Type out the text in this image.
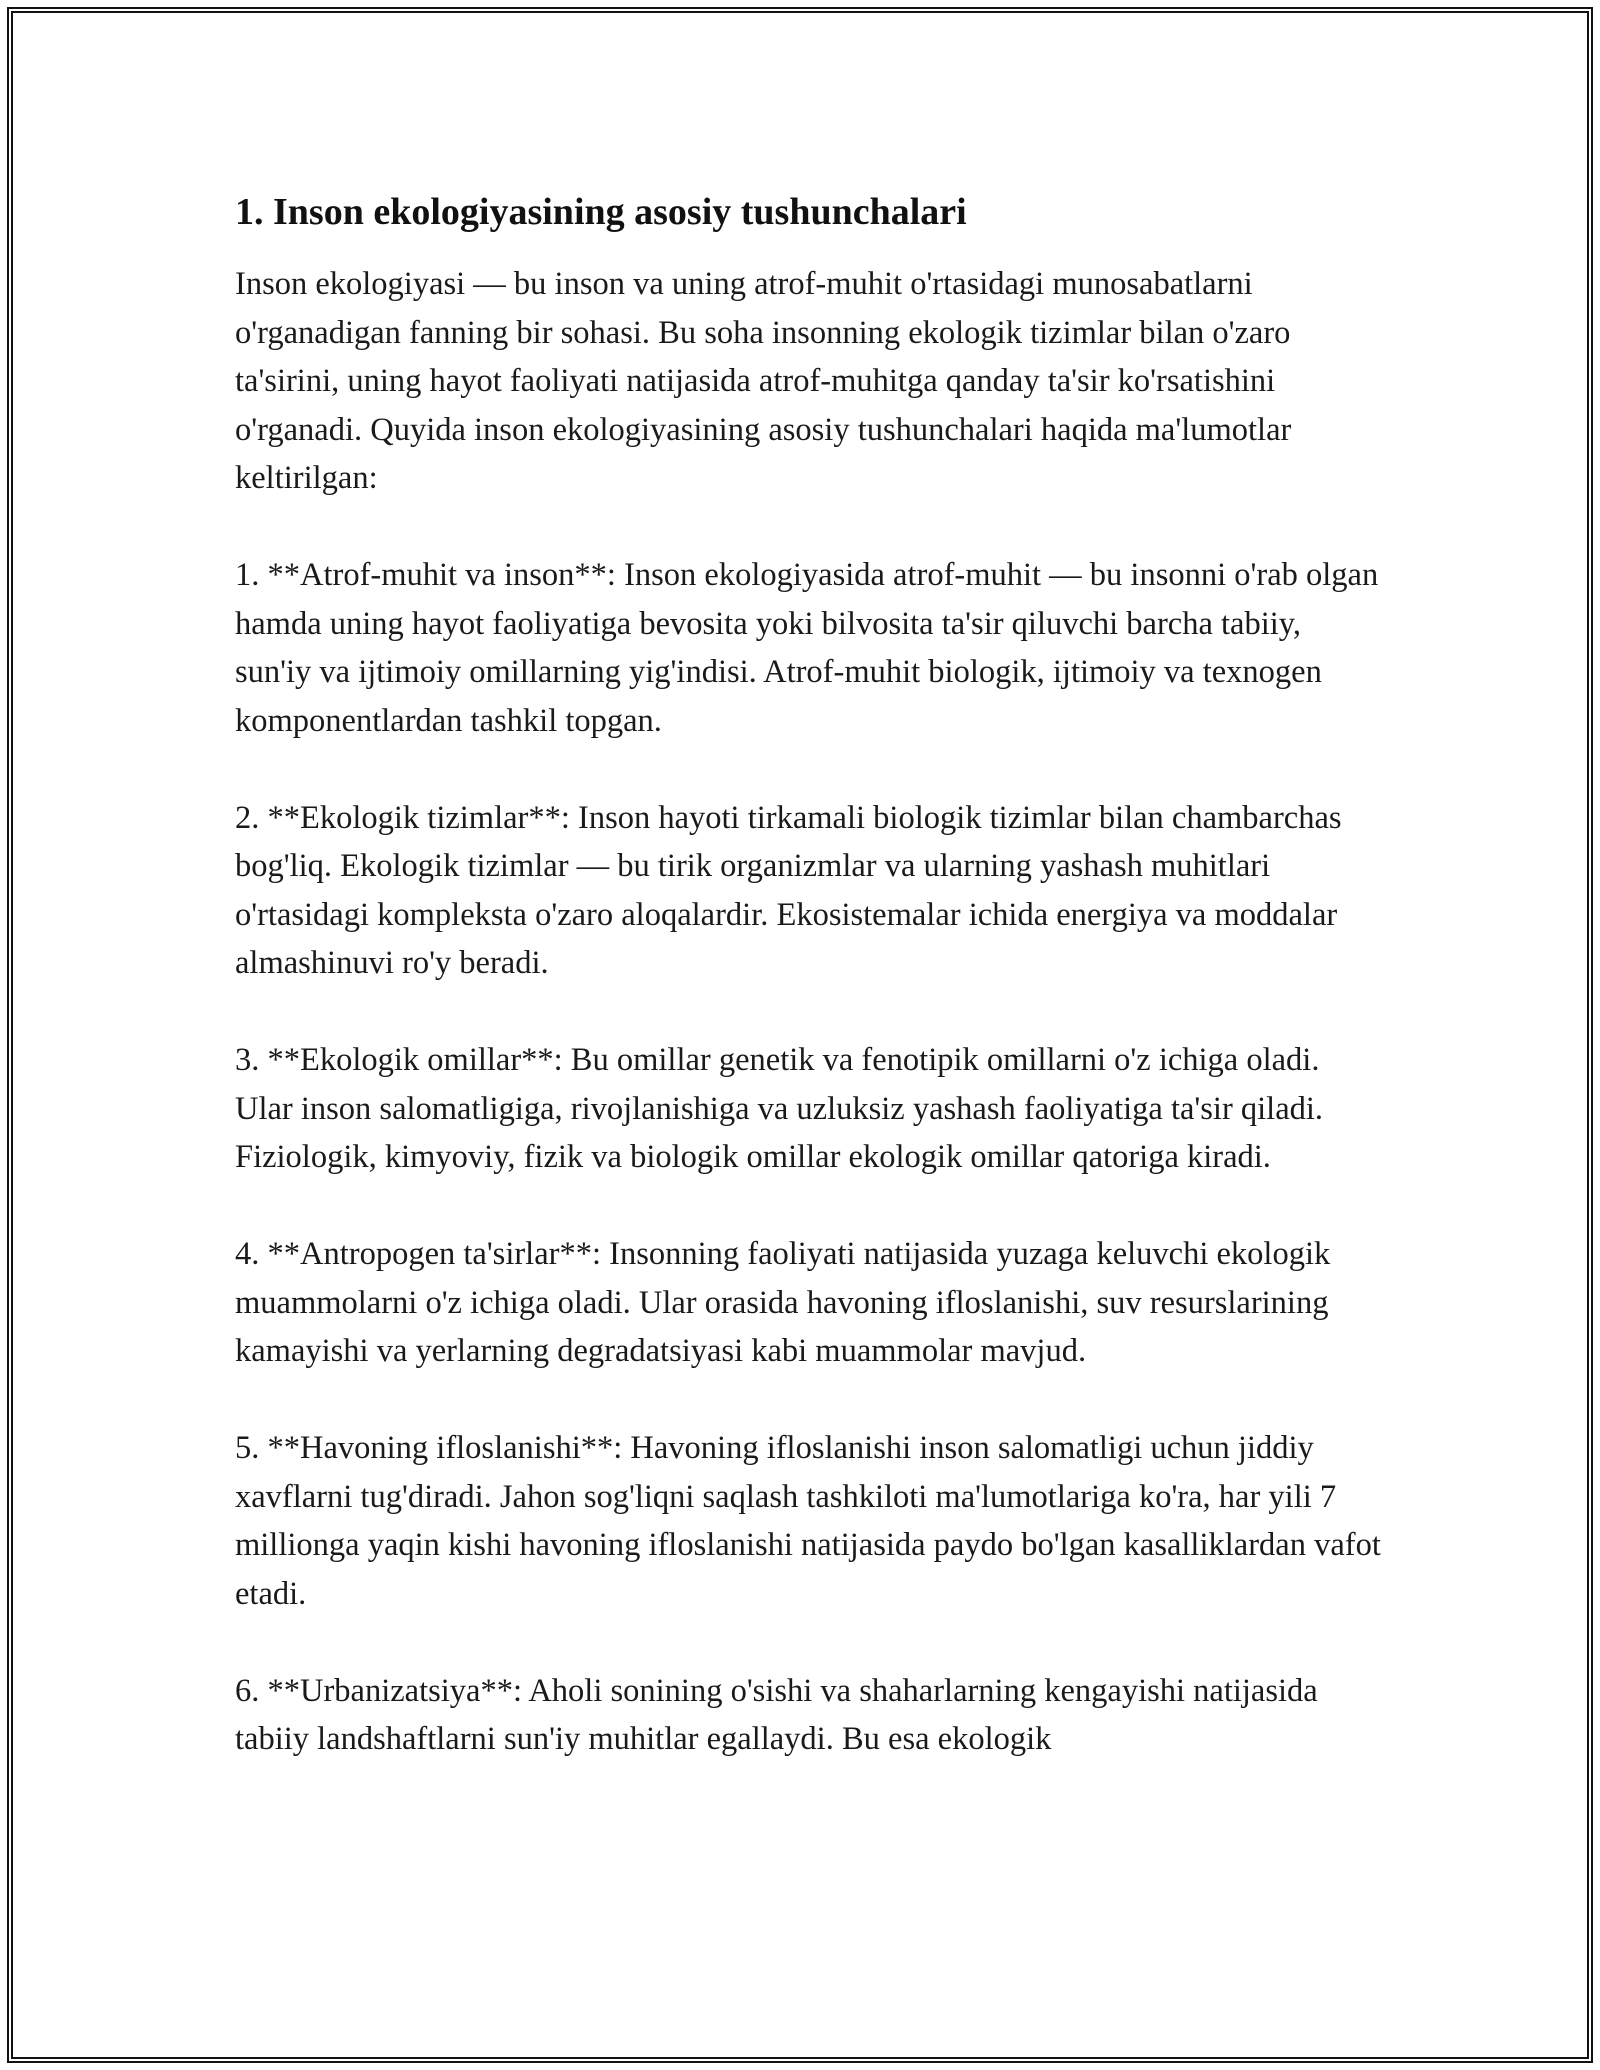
1. Inson ekologiyasining asosiy tushunchalari

Inson ekologiyasi — bu inson va uning atrof-muhit o'rtasidagi munosabatlarni o'rganadigan fanning bir sohasi. Bu soha insonning ekologik tizimlar bilan o'zaro ta'sirini, uning hayot faoliyati natijasida atrof-muhitga qanday ta'sir ko'rsatishini o'rganadi. Quyida inson ekologiyasining asosiy tushunchalari haqida ma'lumotlar keltirilgan:

1. **Atrof-muhit va inson**: Inson ekologiyasida atrof-muhit — bu insonni o'rab olgan hamda uning hayot faoliyatiga bevosita yoki bilvosita ta'sir qiluvchi barcha tabiiy, sun'iy va ijtimoiy omillarning yig'indisi. Atrof-muhit biologik, ijtimoiy va texnogen komponentlardan tashkil topgan.

2. **Ekologik tizimlar**: Inson hayoti tirkamali biologik tizimlar bilan chambarchas bog'liq. Ekologik tizimlar — bu tirik organizmlar va ularning yashash muhitlari o'rtasidagi kompleksta o'zaro aloqalardir. Ekosistemalar ichida energiya va moddalar almashinuvi ro'y beradi.

3. **Ekologik omillar**: Bu omillar genetik va fenotipik omillarni o'z ichiga oladi. Ular inson salomatligiga, rivojlanishiga va uzluksiz yashash faoliyatiga ta'sir qiladi. Fiziologik, kimyoviy, fizik va biologik omillar ekologik omillar qatoriga kiradi.

4. **Antropogen ta'sirlar**: Insonning faoliyati natijasida yuzaga keluvchi ekologik muammolarni o'z ichiga oladi. Ular orasida havoning ifloslanishi, suv resurslarining kamayishi va yerlarning degradatsiyasi kabi muammolar mavjud.

5. **Havoning ifloslanishi**: Havoning ifloslanishi inson salomatligi uchun jiddiy xavflarni tug'diradi. Jahon sog'liqni saqlash tashkiloti ma'lumotlariga ko'ra, har yili 7 millionga yaqin kishi havoning ifloslanishi natijasida paydo bo'lgan kasalliklardan vafot etadi.

6. **Urbanizatsiya**: Aholi sonining o'sishi va shaharlarning kengayishi natijasida tabiiy landshaftlarni sun'iy muhitlar egallaydi. Bu esa ekologik
